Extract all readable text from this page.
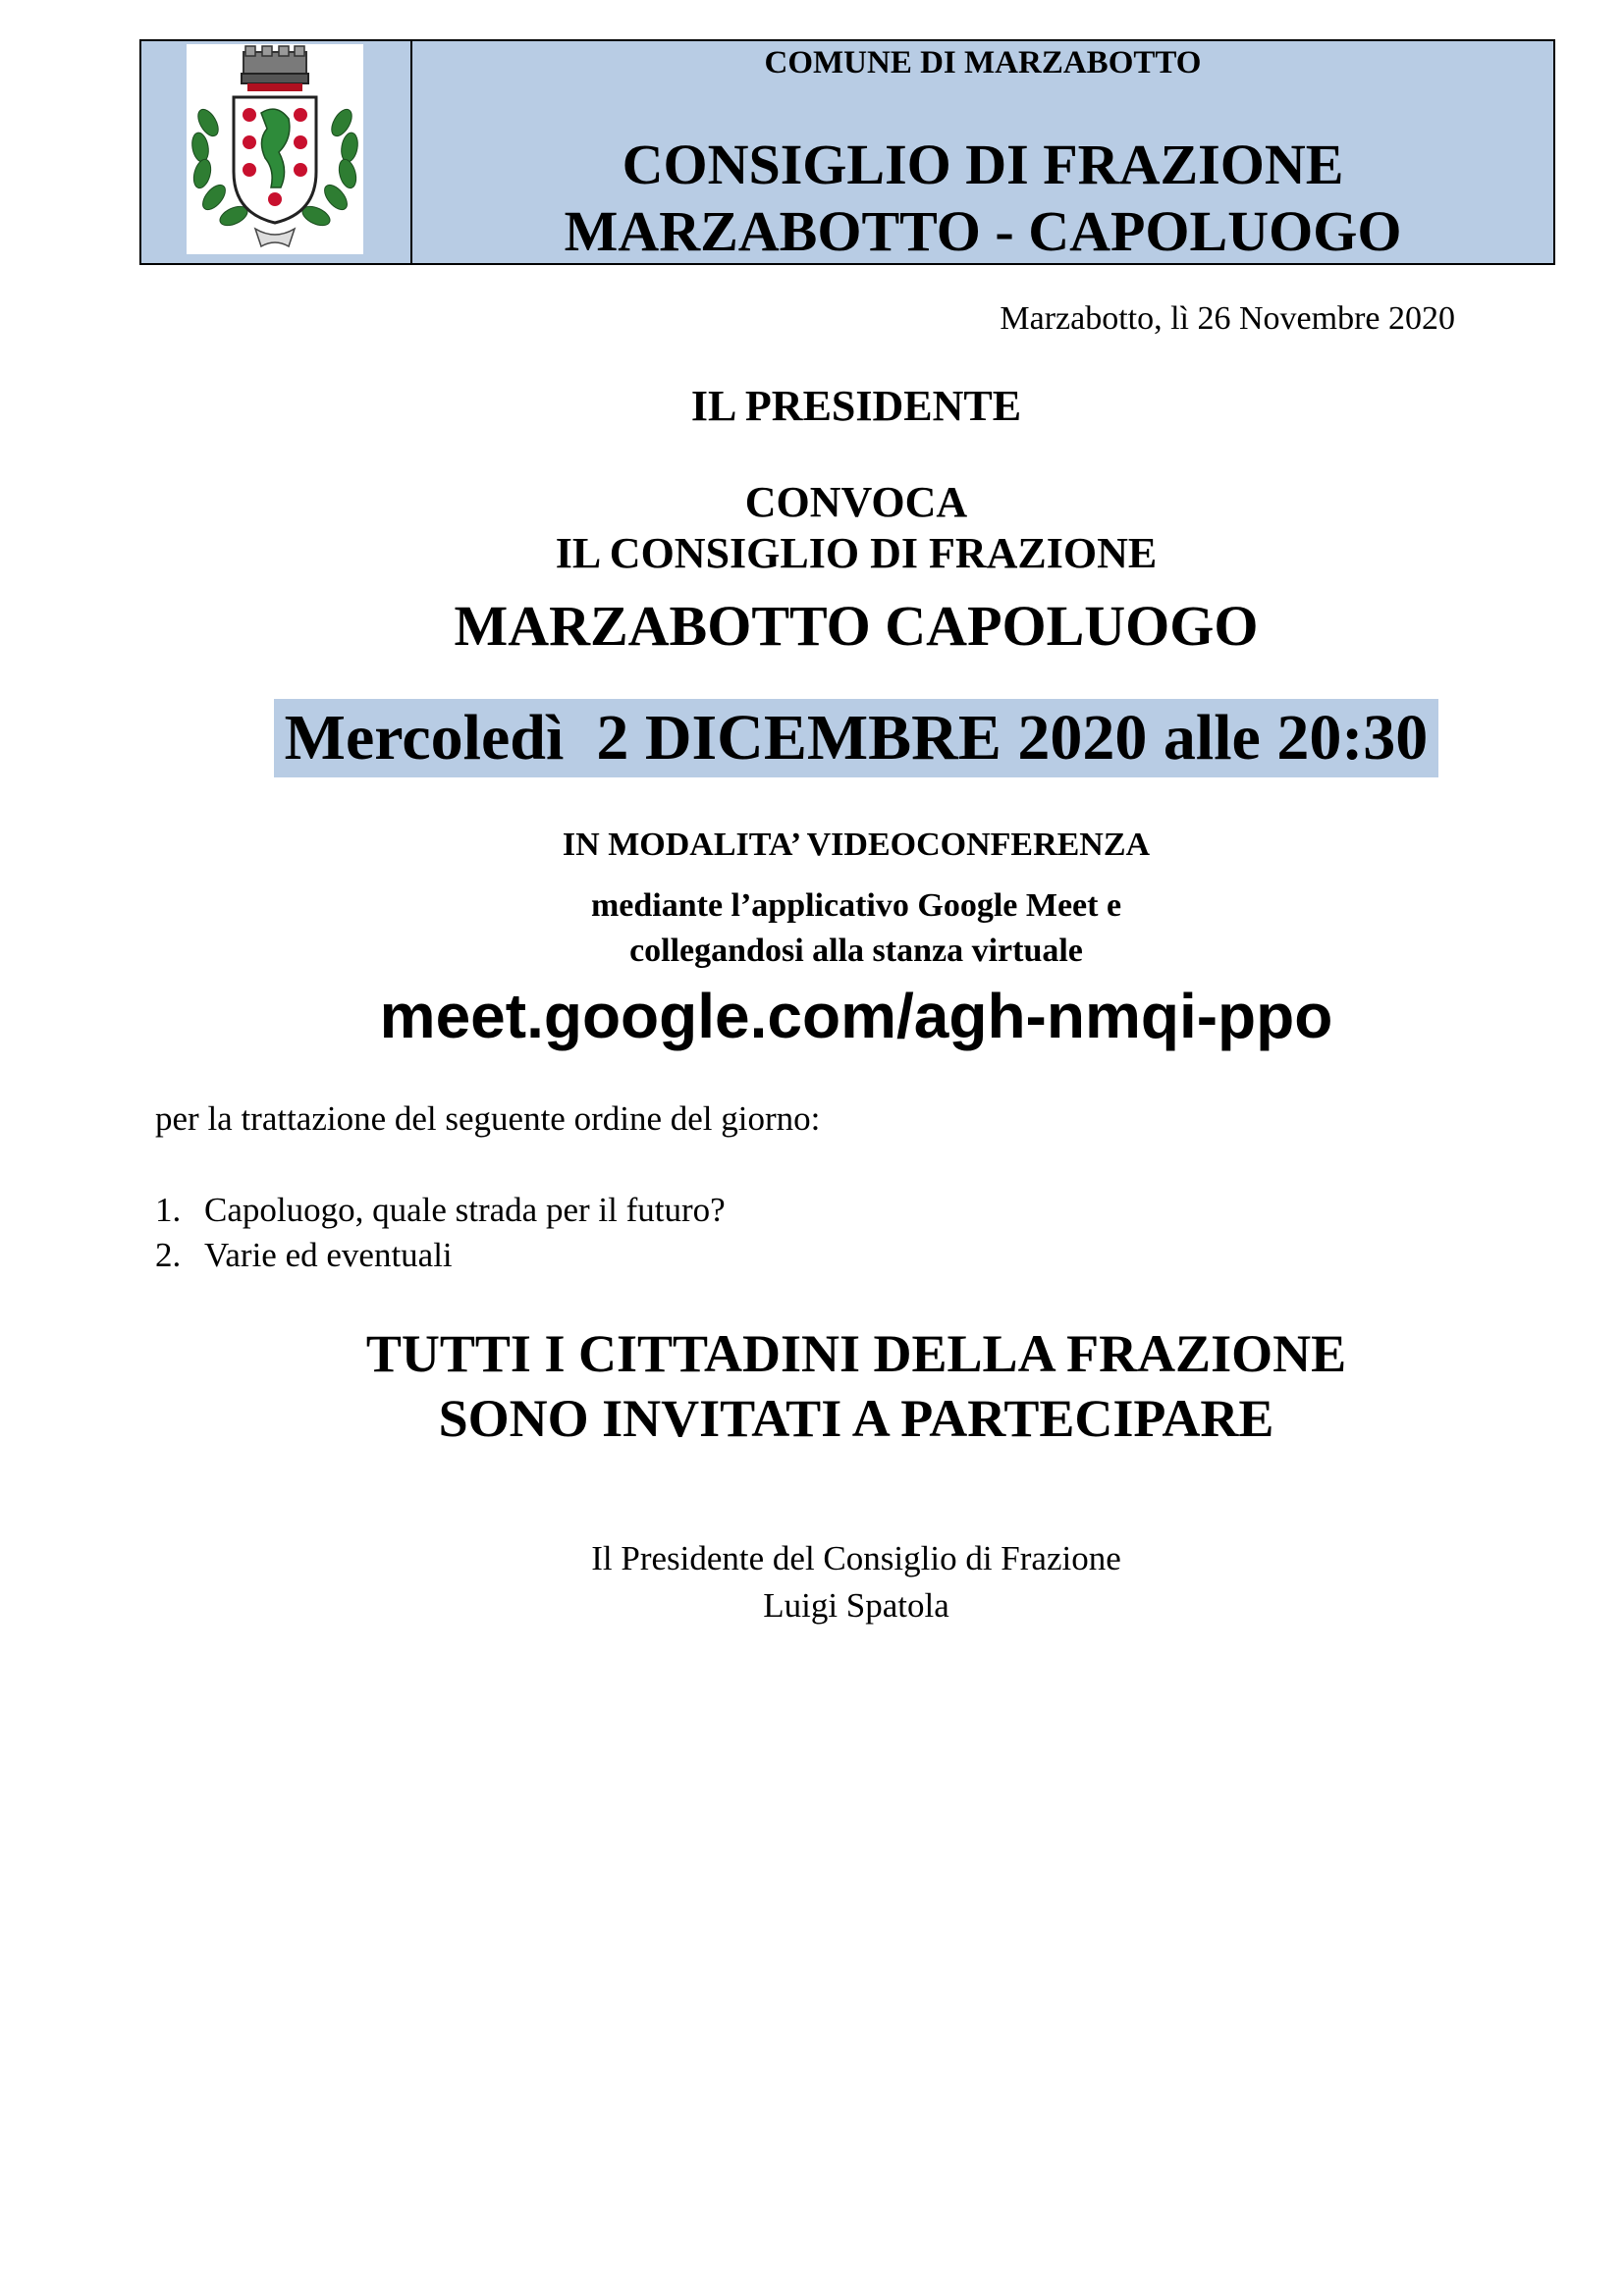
COMUNE DI MARZABOTTO
CONSIGLIO DI FRAZIONE
MARZABOTTO - CAPOLUOGO
Marzabotto, lì 26 Novembre 2020
IL PRESIDENTE
CONVOCA
IL CONSIGLIO DI FRAZIONE
MARZABOTTO CAPOLUOGO
Mercoledì  2 DICEMBRE 2020 alle 20:30
IN MODALITA’ VIDEOCONFERENZA
mediante l’applicativo Google Meet e
collegandosi alla stanza virtuale
meet.google.com/agh-nmqi-ppo
per la trattazione del seguente ordine del giorno:
1. Capoluogo, quale strada per il futuro?
2. Varie ed eventuali
TUTTI I CITTADINI DELLA FRAZIONE
SONO INVITATI A PARTECIPARE
Il Presidente del Consiglio di Frazione
Luigi Spatola
